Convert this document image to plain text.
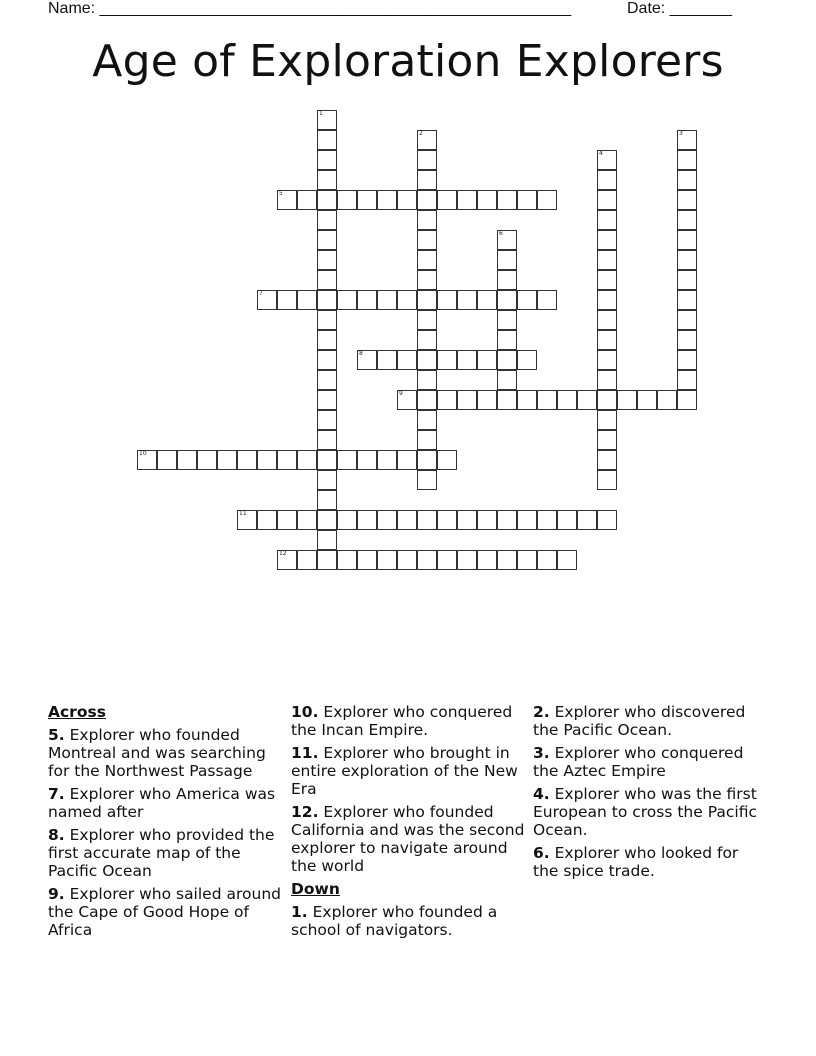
Name: _____________________________________________________	Date: _______
Age of Exploration Explorers
1
2	3
4
5
6
7
8
9
10
11
12
Across
5. Explorer who founded Montreal and was searching for the Northwest Passage
7. Explorer who America was named after
8. Explorer who provided the first accurate map of the Pacific Ocean
9. Explorer who sailed around the Cape of Good Hope of Africa
10. Explorer who conquered the Incan Empire.
11. Explorer who brought in entire exploration of the New Era
12. Explorer who founded California and was the second explorer to navigate around the world
Down
1. Explorer who founded a school of navigators.
2. Explorer who discovered the Pacific Ocean.
3. Explorer who conquered the Aztec Empire
4. Explorer who was the first European to cross the Pacific Ocean.
6. Explorer who looked for the spice trade.
